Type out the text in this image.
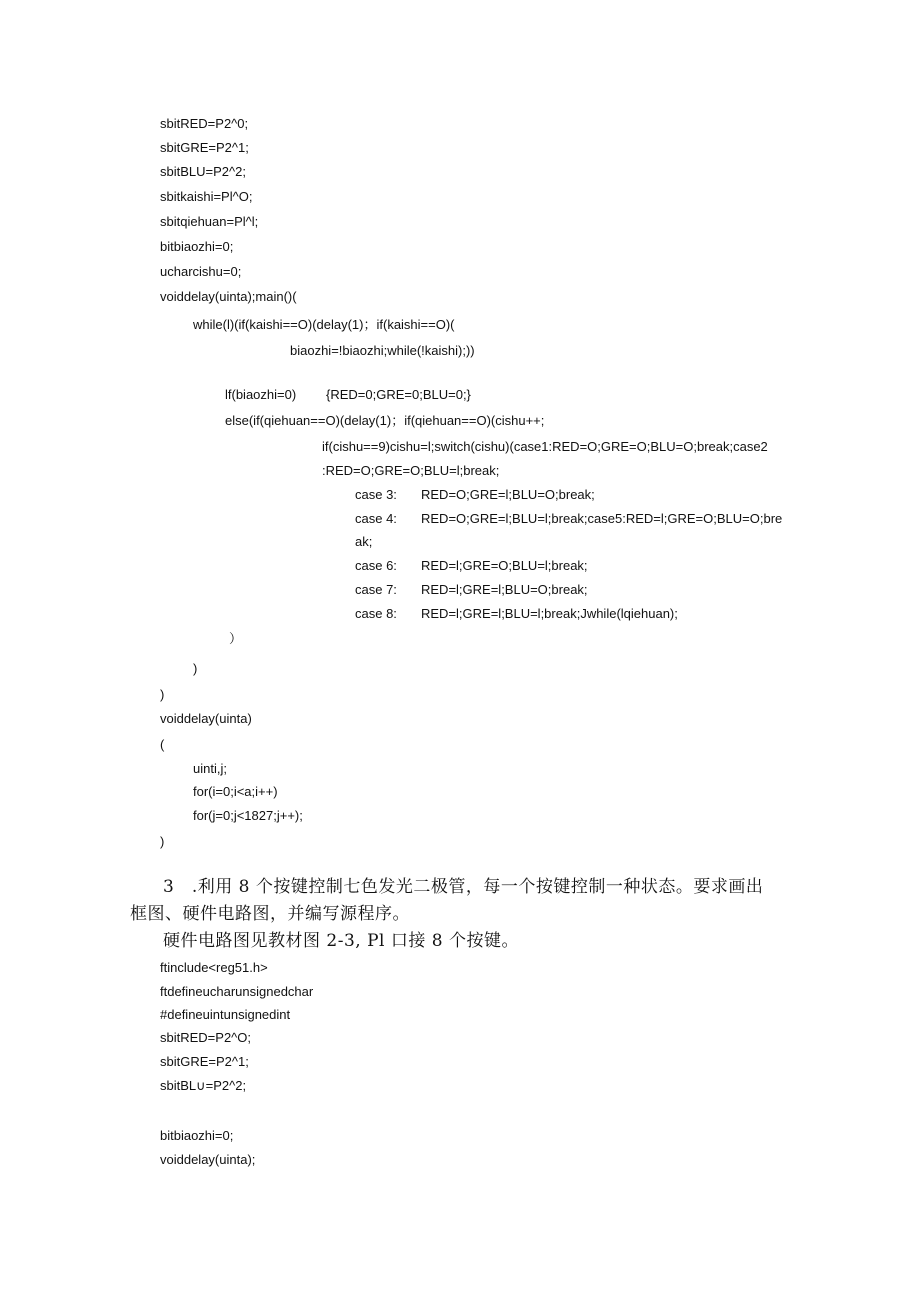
sbitRED=P2^0;
sbitGRE=P2^1;
sbitBLU=P2^2;
sbitkaishi=Pl^O;
sbitqiehuan=Pl^l;
bitbiaozhi=0;
ucharcishu=0;
voiddelay(uinta);main()(
while(l)(if(kaishi==O)(delay(1)；if(kaishi==O)(
biaozhi=!biaozhi;while(!kaishi);))
lf(biaozhi=0) {RED=0;GRE=0;BLU=0;}
else(if(qiehuan==O)(delay(1)；if(qiehuan==O)(cishu++;
if(cishu==9)cishu=l;switch(cishu)(case1:RED=O;GRE=O;BLU=O;break;case2
:RED=O;GRE=O;BLU=l;break;
case 3: RED=O;GRE=l;BLU=O;break;
case 4: RED=O;GRE=l;BLU=l;break;case5:RED=l;GRE=O;BLU=O;bre
ak;
case 6: RED=l;GRE=O;BLU=l;break;
case 7: RED=l;GRE=l;BLU=O;break;
case 8: RED=l;GRE=l;BLU=l;break;Jwhile(lqiehuan);
）
)
)
voiddelay(uinta)
(
uinti,j;
for(i=0;i<a;i++)
for(j=0;j<1827;j++);
)
3　.利用 8 个按键控制七色发光二极管，每一个按键控制一种状态。要求画出
框图、硬件电路图，并编写源程序。
硬件电路图见教材图 2-3, Pl 口接 8 个按键。
ftinclude<reg51.h>
ftdefineucharunsignedchar
#defineuintunsignedint
sbitRED=P2^O;
sbitGRE=P2^1;
sbitBL∪=P2^2;
bitbiaozhi=0;
voiddelay(uinta);
